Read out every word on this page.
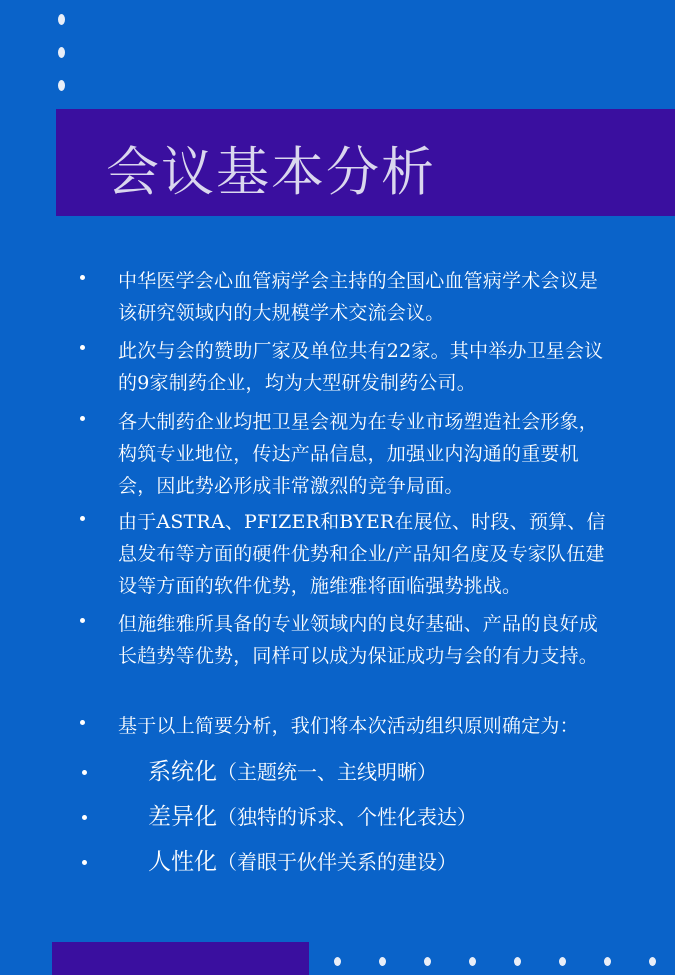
会议基本分析
中华医学会心血管病学会主持的全国心血管病学术会议是该研究领域内的大规模学术交流会议。
此次与会的赞助厂家及单位共有22家。其中举办卫星会议的9家制药企业，均为大型研发制药公司。
各大制药企业均把卫星会视为在专业市场塑造社会形象，构筑专业地位，传达产品信息，加强业内沟通的重要机会，因此势必形成非常激烈的竞争局面。
由于ASTRA、PFIZER和BYER在展位、时段、预算、信息发布等方面的硬件优势和企业/产品知名度及专家队伍建设等方面的软件优势，施维雅将面临强势挑战。
但施维雅所具备的专业领域内的良好基础、产品的良好成长趋势等优势，同样可以成为保证成功与会的有力支持。
基于以上简要分析，我们将本次活动组织原则确定为：
系统化（主题统一、主线明晰）
差异化（独特的诉求、个性化表达）
人性化（着眼于伙伴关系的建设）
